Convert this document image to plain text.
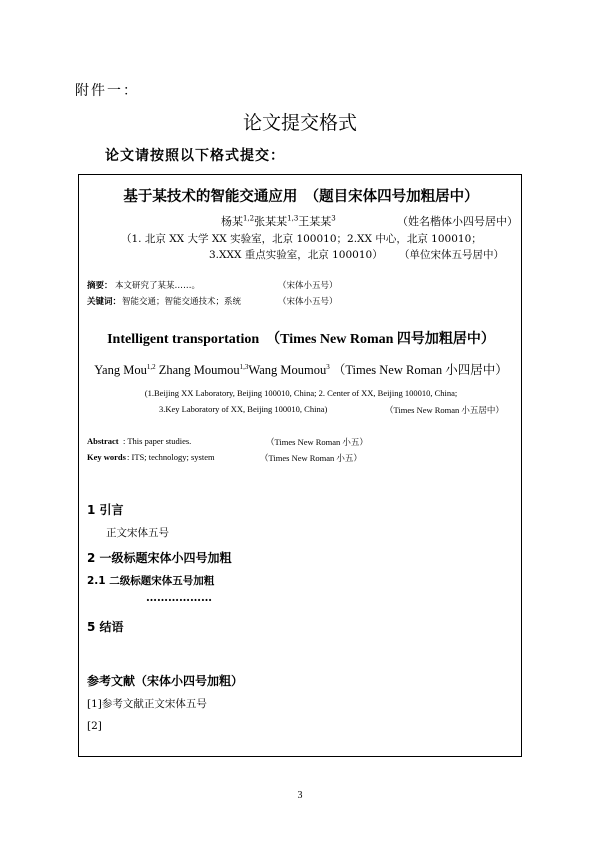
附件一：
论文提交格式
论文请按照以下格式提交：
基于某技术的智能交通应用　（题目宋体四号加粗居中）
杨某$^{1,2}$张某某$^{1,3}$王某某$^3$	（姓名楷体小四号居中）
（1. 北京 XX 大学 XX 实验室，北京 100010；2.XX 中心，北京 100010；
3.XXX 重点实验室，北京 100010） （单位宋体五号居中）
摘要： 本文研究了某某……。	（宋体小五号）
关键词： 智能交通；智能交通技术；系统	（宋体小五号）
Intelligent transportation　（Times New Roman 四号加粗居中）
Yang Mou$^{1,2}$ Zhang Moumou$^{1,3}$Wang Moumou$^3$ （Times New Roman 小四居中）
(1.Beijing XX Laboratory, Beijing 100010, China; 2. Center of XX, Beijing 100010, China;
3.Key Laboratory of XX, Beijing 100010, China)	（Times New Roman 小五居中）
Abstract : This paper studies.	（Times New Roman 小五）
Key words : ITS; technology; system	（Times New Roman 小五）
1 引言
正文宋体五号
2 一级标题宋体小四号加粗
2.1 二级标题宋体五号加粗
………………
5 结语
参考文献（宋体小四号加粗）
[1]参考文献正文宋体五号
[2]
3
